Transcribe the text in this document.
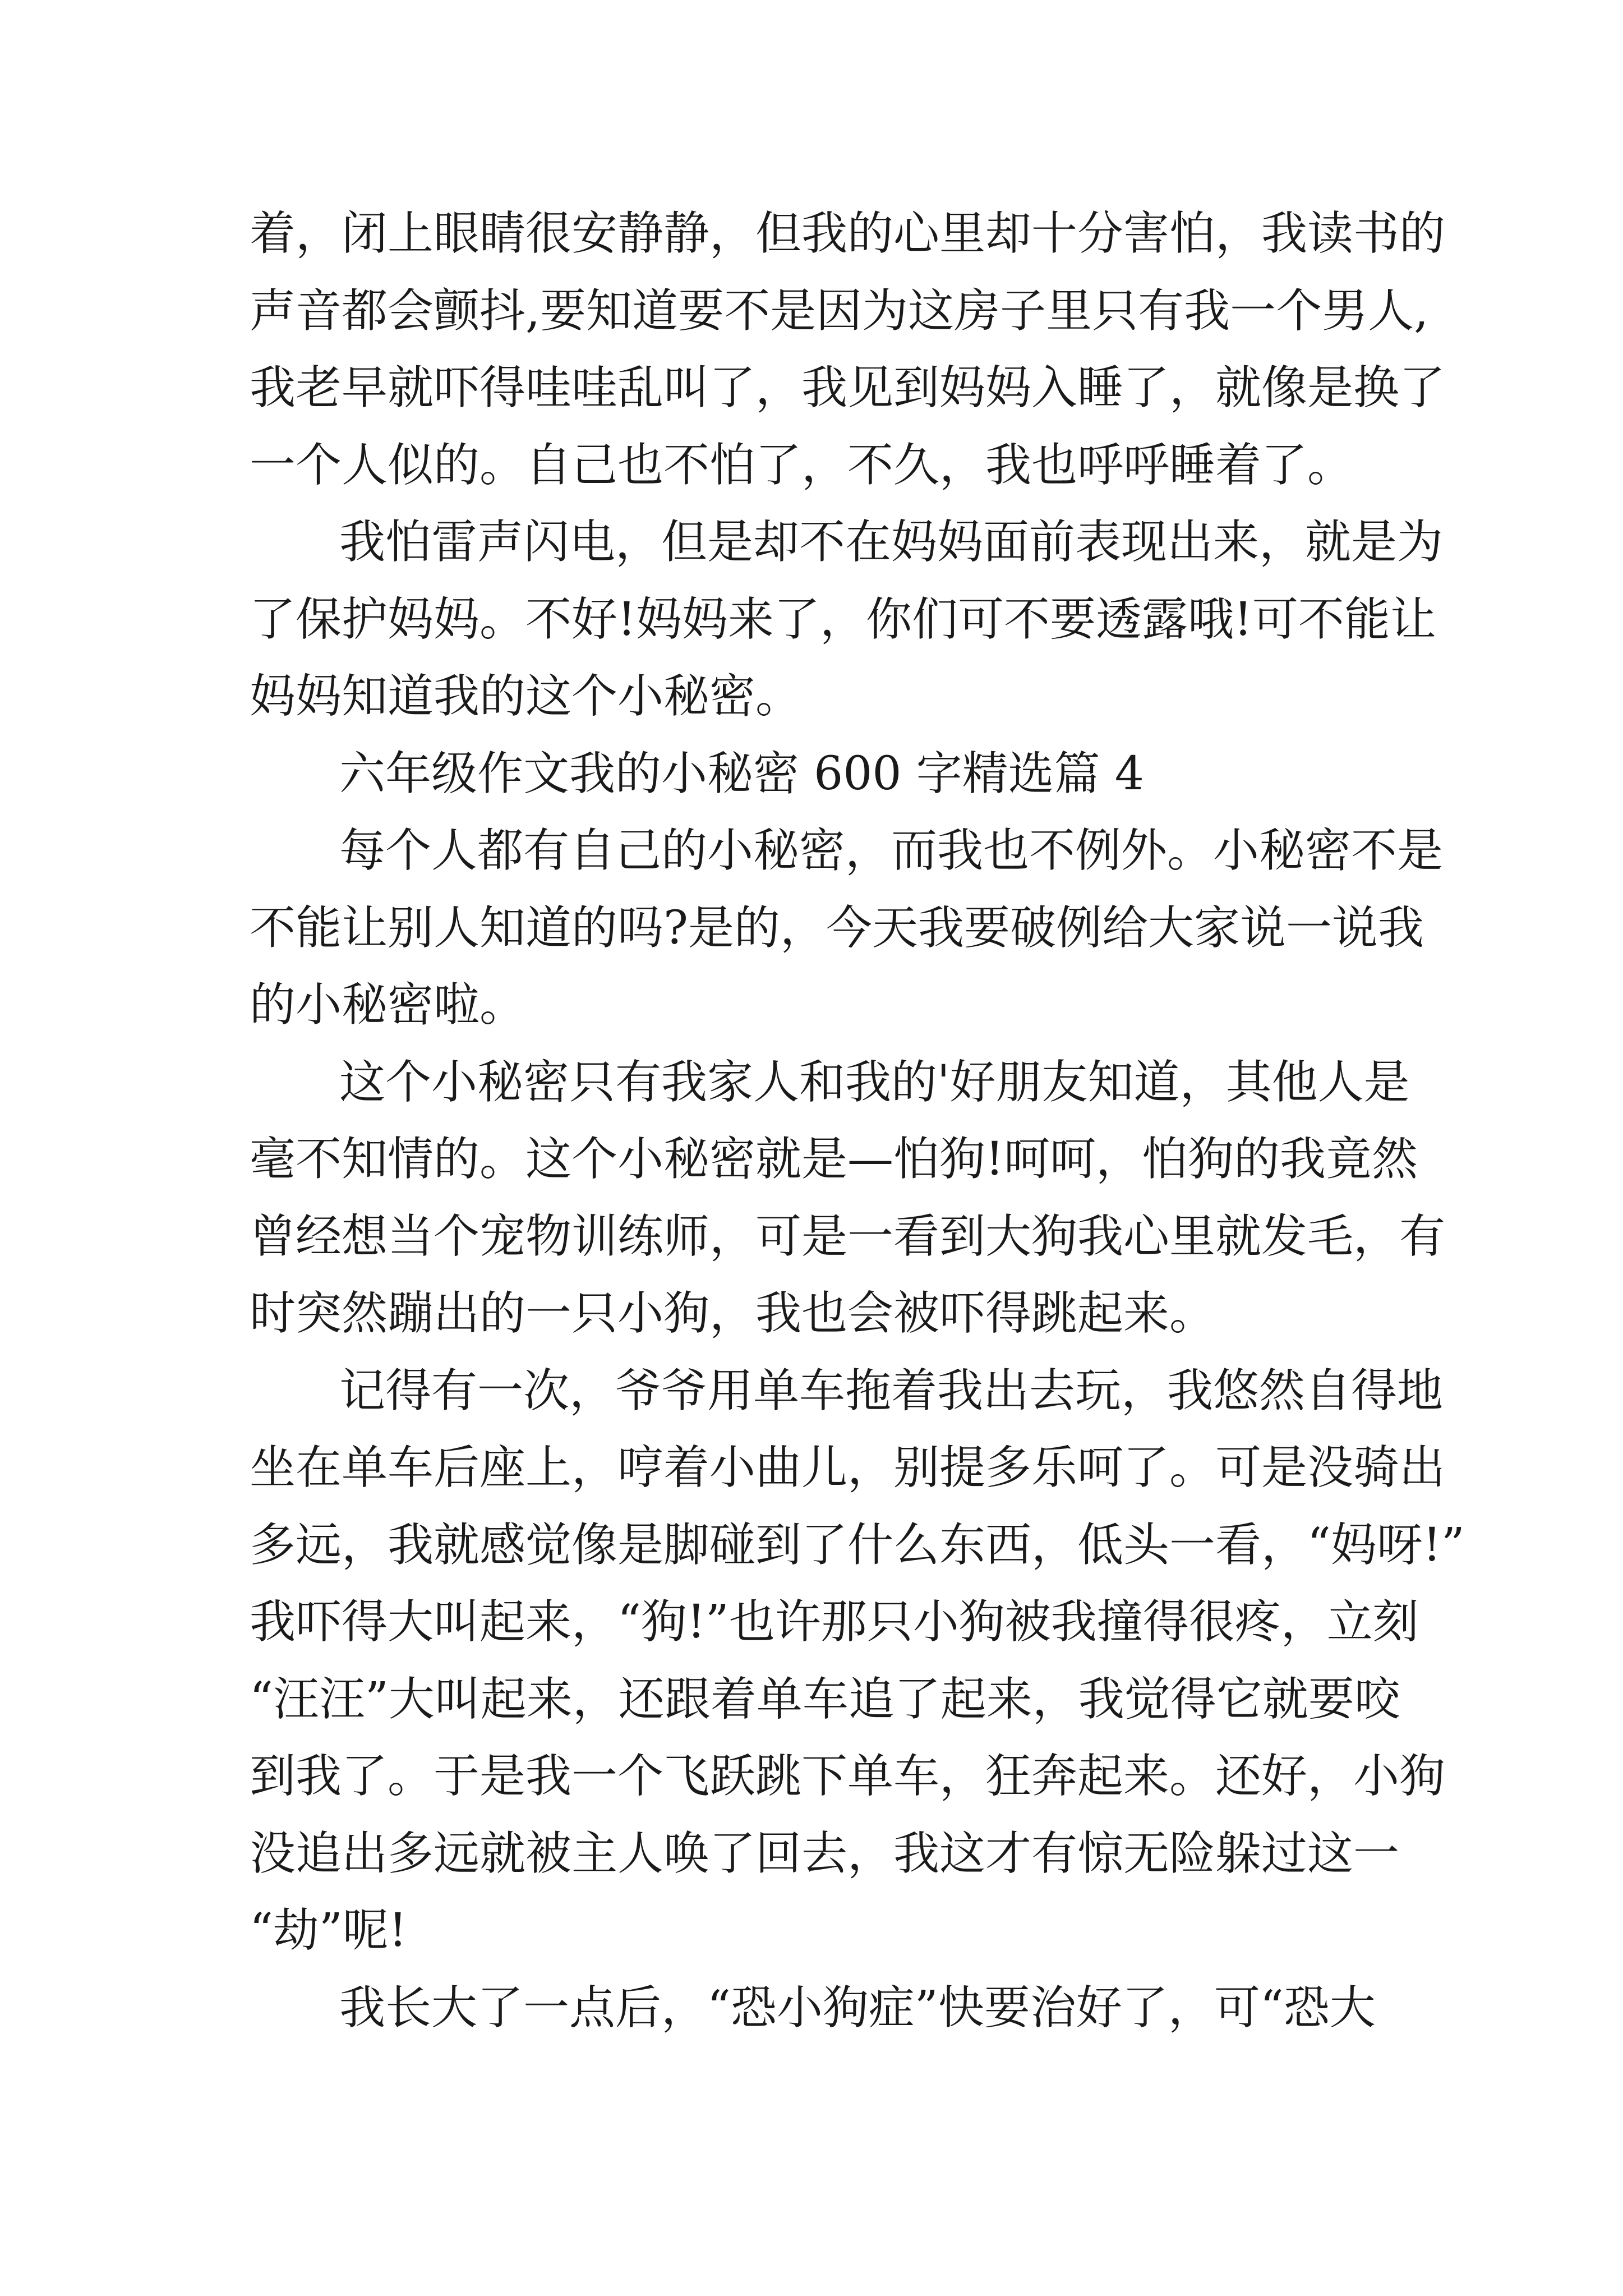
着，闭上眼睛很安静静，但我的心里却十分害怕，我读书的
声音都会颤抖,要知道要不是因为这房子里只有我一个男人,
我老早就吓得哇哇乱叫了，我见到妈妈入睡了，就像是换了
一个人似的。自己也不怕了，不久，我也呼呼睡着了。
我怕雷声闪电，但是却不在妈妈面前表现出来，就是为
了保护妈妈。不好!妈妈来了，你们可不要透露哦!可不能让
妈妈知道我的这个小秘密。
六年级作文我的小秘密 600 字精选篇 4
每个人都有自己的小秘密，而我也不例外。小秘密不是
不能让别人知道的吗?是的，今天我要破例给大家说一说我
的小秘密啦。
这个小秘密只有我家人和我的'好朋友知道，其他人是
毫不知情的。这个小秘密就是—怕狗!呵呵，怕狗的我竟然
曾经想当个宠物训练师，可是一看到大狗我心里就发毛，有
时突然蹦出的一只小狗，我也会被吓得跳起来。
记得有一次，爷爷用单车拖着我出去玩，我悠然自得地
坐在单车后座上，哼着小曲儿，别提多乐呵了。可是没骑出
多远，我就感觉像是脚碰到了什么东西，低头一看，“妈呀!”
我吓得大叫起来，“狗!”也许那只小狗被我撞得很疼，立刻
“汪汪”大叫起来，还跟着单车追了起来，我觉得它就要咬
到我了。于是我一个飞跃跳下单车，狂奔起来。还好，小狗
没追出多远就被主人唤了回去，我这才有惊无险躲过这一
“劫”呢!
我长大了一点后，“恐小狗症”快要治好了，可“恐大
